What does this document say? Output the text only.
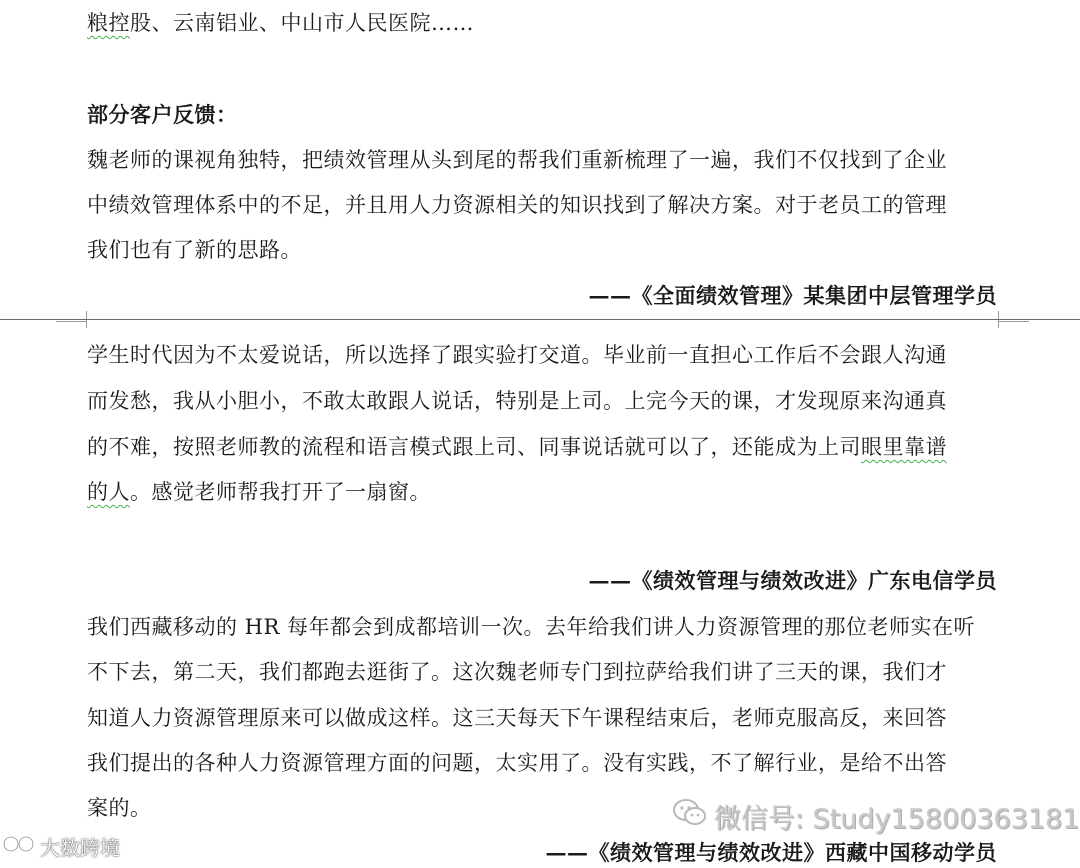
粮控股、云南铝业、中山市人民医院……
部分客户反馈：
魏老师的课视角独特，把绩效管理从头到尾的帮我们重新梳理了一遍，我们不仅找到了企业
中绩效管理体系中的不足，并且用人力资源相关的知识找到了解决方案。对于老员工的管理
我们也有了新的思路。
——《全面绩效管理》某集团中层管理学员
学生时代因为不太爱说话，所以选择了跟实验打交道。毕业前一直担心工作后不会跟人沟通
而发愁，我从小胆小，不敢太敢跟人说话，特别是上司。上完今天的课，才发现原来沟通真
的不难，按照老师教的流程和语言模式跟上司、同事说话就可以了，还能成为上司眼里靠谱
的人。感觉老师帮我打开了一扇窗。
——《绩效管理与绩效改进》广东电信学员
我们西藏移动的 HR 每年都会到成都培训一次。去年给我们讲人力资源管理的那位老师实在听
不下去，第二天，我们都跑去逛街了。这次魏老师专门到拉萨给我们讲了三天的课，我们才
知道人力资源管理原来可以做成这样。这三天每天下午课程结束后，老师克服高反，来回答
我们提出的各种人力资源管理方面的问题，太实用了。没有实践，不了解行业，是给不出答
案的。
——《绩效管理与绩效改进》西藏中国移动学员
微信号: Study15800363181
大数跨境
